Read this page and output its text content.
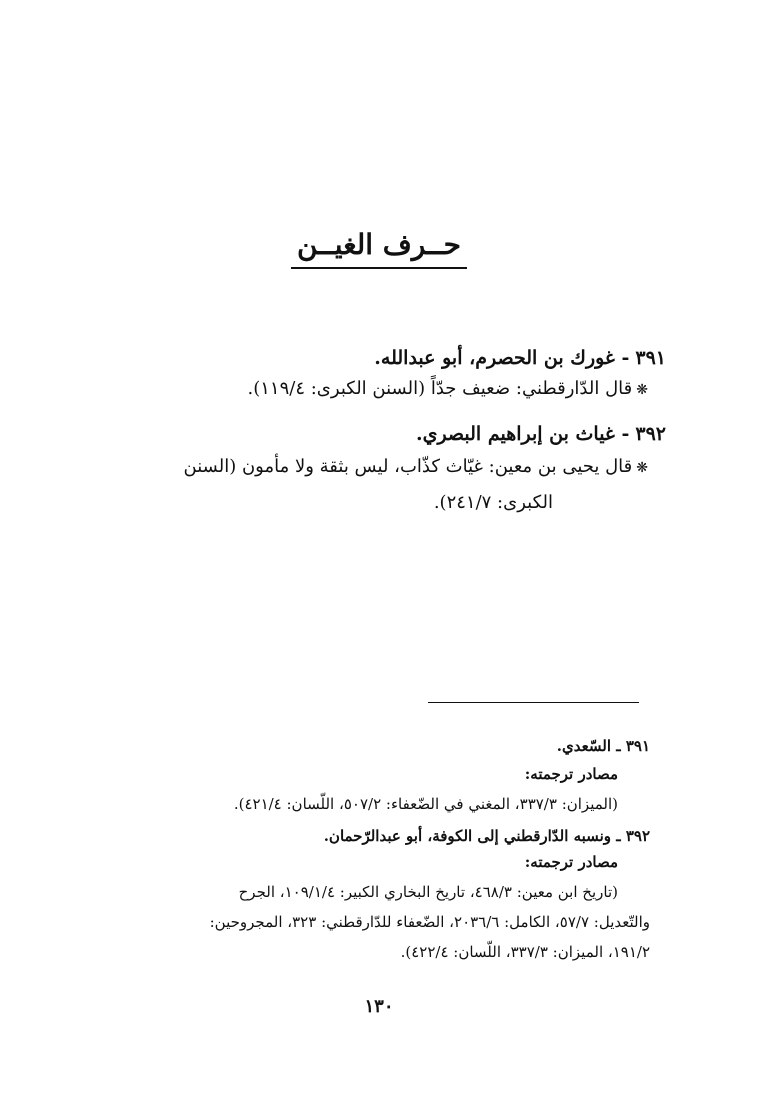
حــرف الغيــن
٣٩١- غورك بن الحصرم، أبو عبدالله.
❋قال الدّارقطني: ضعيف جدّاً (السنن الكبرى: ١١٩/٤).
٣٩٢- غياث بن إبراهيم البصري.
❋قال يحيى بن معين: غيّاث كذّاب، ليس بثقة ولا مأمون (السنن
الكبرى: ٢٤١/٧).
٣٩١ ـ السّعدي.
مصادر ترجمته:
(الميزان: ٣٣٧/٣، المغني في الضّعفاء: ٥٠٧/٢، اللّسان: ٤٢١/٤).
٣٩٢ ـ ونسبه الدّارقطني إلى الكوفة، أبو عبدالرّحمان.
مصادر ترجمته:
(تاريخ ابن معين: ٤٦٨/٣، تاريخ البخاري الكبير: ١٠٩/١/٤، الجرح
والتّعديل: ٥٧/٧، الكامل: ٢٠٣٦/٦، الضّعفاء للدّارقطني: ٣٢٣، المجروحين:
١٩١/٢، الميزان: ٣٣٧/٣، اللّسان: ٤٢٢/٤).
١٣٠
